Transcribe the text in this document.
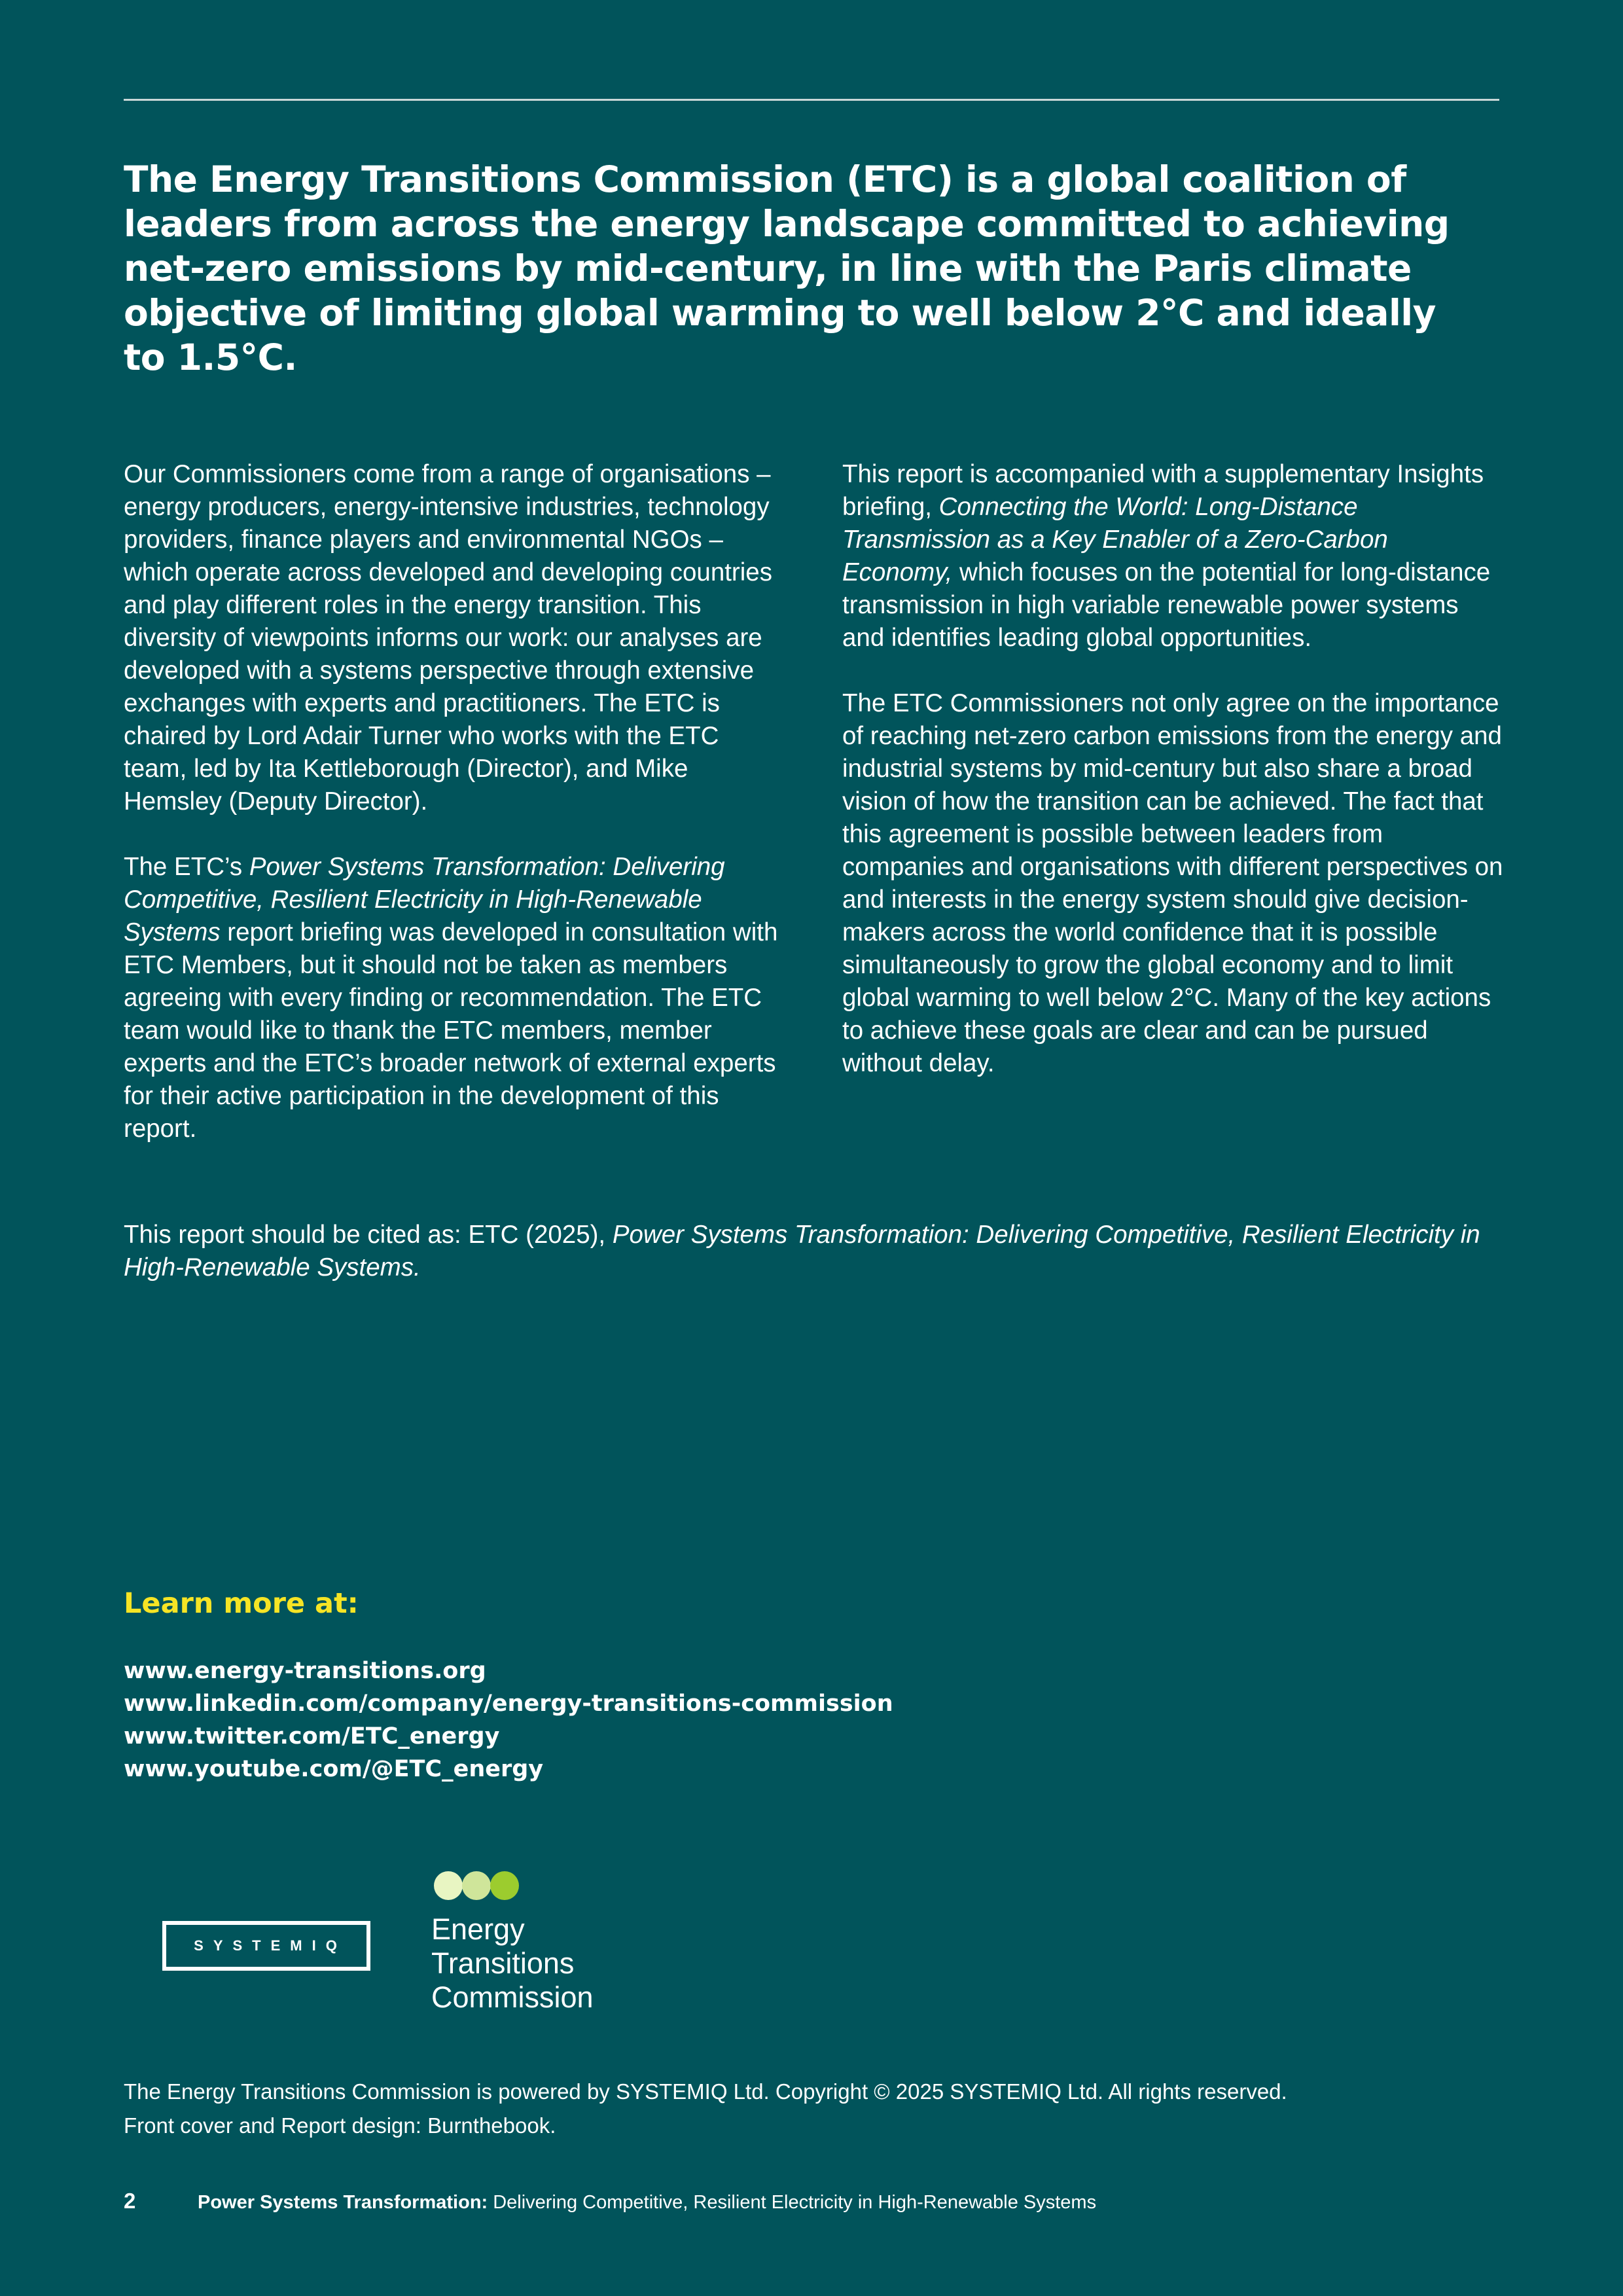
The Energy Transitions Commission (ETC) is a global coalition of leaders from across the energy landscape committed to achieving net-zero emissions by mid-century, in line with the Paris climate objective of limiting global warming to well below 2°C and ideally to 1.5°C.

Our Commissioners come from a range of organisations – energy producers, energy-intensive industries, technology providers, finance players and environmental NGOs – which operate across developed and developing countries and play different roles in the energy transition. This diversity of viewpoints informs our work: our analyses are developed with a systems perspective through extensive exchanges with experts and practitioners. The ETC is chaired by Lord Adair Turner who works with the ETC team, led by Ita Kettleborough (Director), and Mike Hemsley (Deputy Director).

The ETC’s Power Systems Transformation: Delivering Competitive, Resilient Electricity in High-Renewable Systems report briefing was developed in consultation with ETC Members, but it should not be taken as members agreeing with every finding or recommendation. The ETC team would like to thank the ETC members, member experts and the ETC’s broader network of external experts for their active participation in the development of this report.

This report is accompanied with a supplementary Insights briefing, Connecting the World: Long-Distance Transmission as a Key Enabler of a Zero-Carbon Economy, which focuses on the potential for long-distance transmission in high variable renewable power systems and identifies leading global opportunities.

The ETC Commissioners not only agree on the importance of reaching net-zero carbon emissions from the energy and industrial systems by mid-century but also share a broad vision of how the transition can be achieved. The fact that this agreement is possible between leaders from companies and organisations with different perspectives on and interests in the energy system should give decision-makers across the world confidence that it is possible simultaneously to grow the global economy and to limit global warming to well below 2°C. Many of the key actions to achieve these goals are clear and can be pursued without delay.

This report should be cited as: ETC (2025), Power Systems Transformation: Delivering Competitive, Resilient Electricity in High-Renewable Systems.
Learn more at:
www.energy-transitions.org
www.linkedin.com/company/energy-transitions-commission
www.twitter.com/ETC_energy
www.youtube.com/@ETC_energy
SYSTEMIQ	Energy
Transitions
Commission
The Energy Transitions Commission is powered by SYSTEMIQ Ltd. Copyright © 2025 SYSTEMIQ Ltd. All rights reserved.
Front cover and Report design: Burnthebook.
2	Power Systems Transformation: Delivering Competitive, Resilient Electricity in High-Renewable Systems
